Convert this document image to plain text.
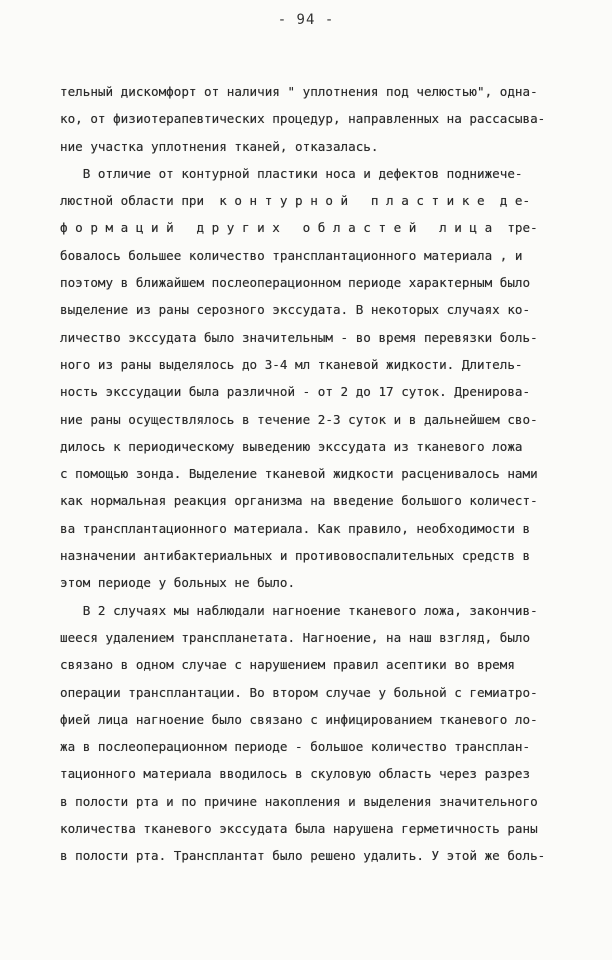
- 94 -
тельный дискомфорт от наличия " уплотнения под челюстью", одна-
ко, от физиотерапевтических процедур, направленных на рассасыва-
ние участка уплотнения тканей, отказалась.
В отличие от контурной пластики носа и дефектов поднижече-
люстной области при  к о н т у р н о й   п л а с т и к е  д е-
ф о р м а ц и й   д р у г и х   о б л а с т е й   л и ц а  тре-
бовалось большее количество трансплантационного материала , и
поэтому в ближайшем послеоперационном периоде характерным было
выделение из раны серозного экссудата. В некоторых случаях ко-
личество экссудата было значительным - во время перевязки боль-
ного из раны выделялось до 3-4 мл тканевой жидкости. Длитель-
ность экссудации была различной - от 2 до 17 суток. Дренирова-
ние раны осуществлялось в течение 2-3 суток и в дальнейшем сво-
дилось к периодическому выведению экссудата из тканевого ложа
с помощью зонда. Выделение тканевой жидкости расценивалось нами
как нормальная реакция организма на введение большого количест-
ва трансплантационного материала. Как правило, необходимости в
назначении антибактериальных и противовоспалительных средств в
этом периоде у больных не было.
В 2 случаях мы наблюдали нагноение тканевого ложа, закончив-
шееся удалением транспланетата. Нагноение, на наш взгляд, было
связано в одном случае с нарушением правил асептики во время
операции трансплантации. Во втором случае у больной с гемиатро-
фией лица нагноение было связано с инфицированием тканевого ло-
жа в послеоперационном периоде - большое количество трансплан-
тационного материала вводилось в скуловую область через разрез
в полости рта и по причине накопления и выделения значительного
количества тканевого экссудата была нарушена герметичность раны
в полости рта. Трансплантат было решено удалить. У этой же боль-
